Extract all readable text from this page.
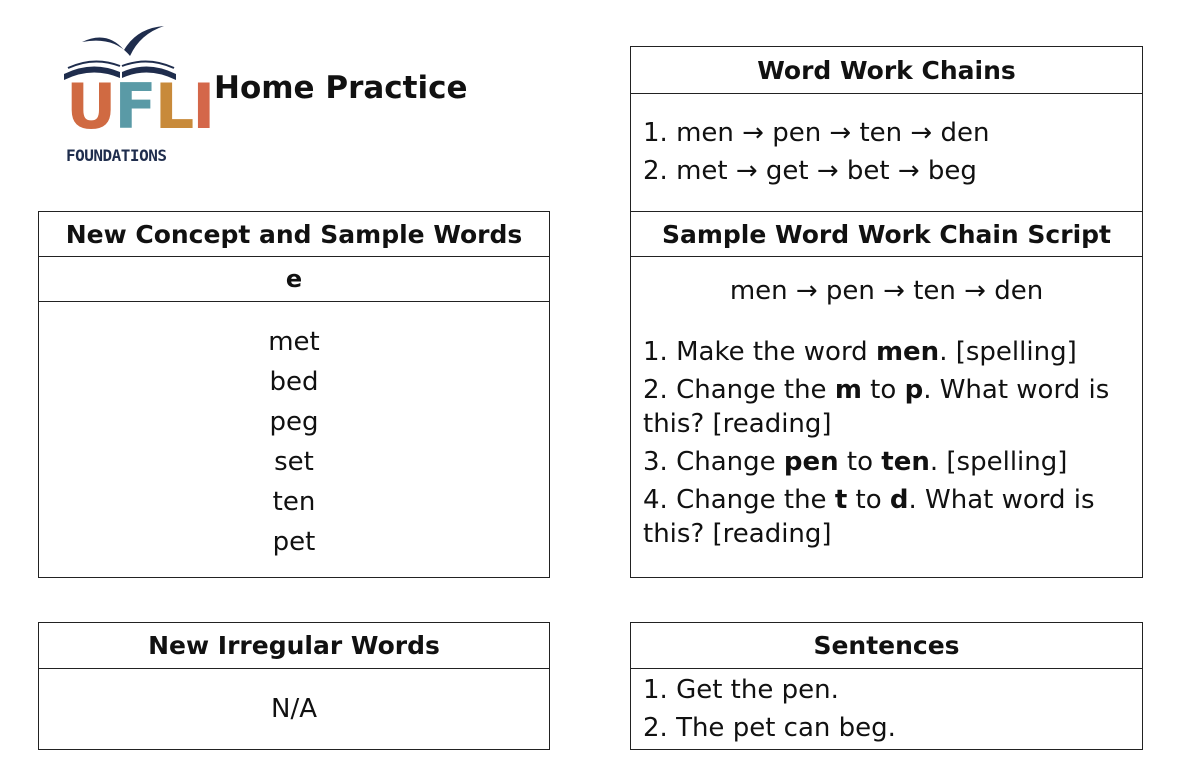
UFLI
FOUNDATIONS
Home Practice
New Concept and Sample Words
e
met
bed
peg
set
ten
pet
New Irregular Words
N/A
Word Work Chains
1. men → pen → ten → den
2. met → get → bet → beg
Sample Word Work Chain Script
men → pen → ten → den
1. Make the word men. [spelling]
2. Change the m to p. What word is this? [reading]
3. Change pen to ten. [spelling]
4. Change the t to d. What word is this? [reading]
Sentences
1. Get the pen.
2. The pet can beg.
